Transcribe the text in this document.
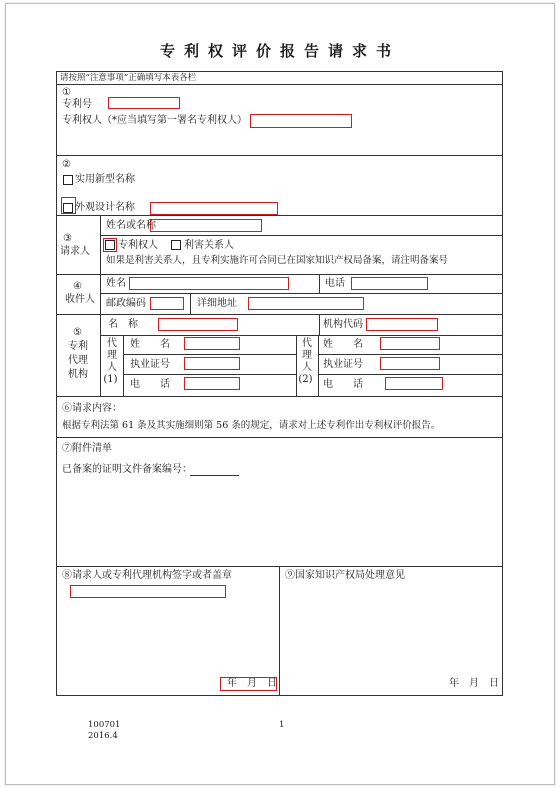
专利权评价报告请求书
请按照“注意事项”正确填写本表各栏
①
专利号
专利权人（*应当填写第一署名专利权人）
②
实用新型名称
外观设计名称
③
请求人
姓名或名称
专利权人	利害关系人
如果是利害关系人，且专利实施许可合同已在国家知识产权局备案，请注明备案号
④
收件人
姓名	电话
邮政编码	详细地址
⑤
专利
代理
机构
名　称	机构代码
代
理
人
(1)
姓　　名
执业证号
电　　话
代
理
人
(2)
姓　　名
执业证号
电　　话
⑥请求内容：
根据专利法第 61 条及其实施细则第 56 条的规定，请求对上述专利作出专利权评价报告。
⑦附件清单
已备案的证明文件备案编号：
⑧请求人或专利代理机构签字或者盖章
年　月　日
⑨国家知识产权局处理意见
年　月　日
100701
2016.4
1
